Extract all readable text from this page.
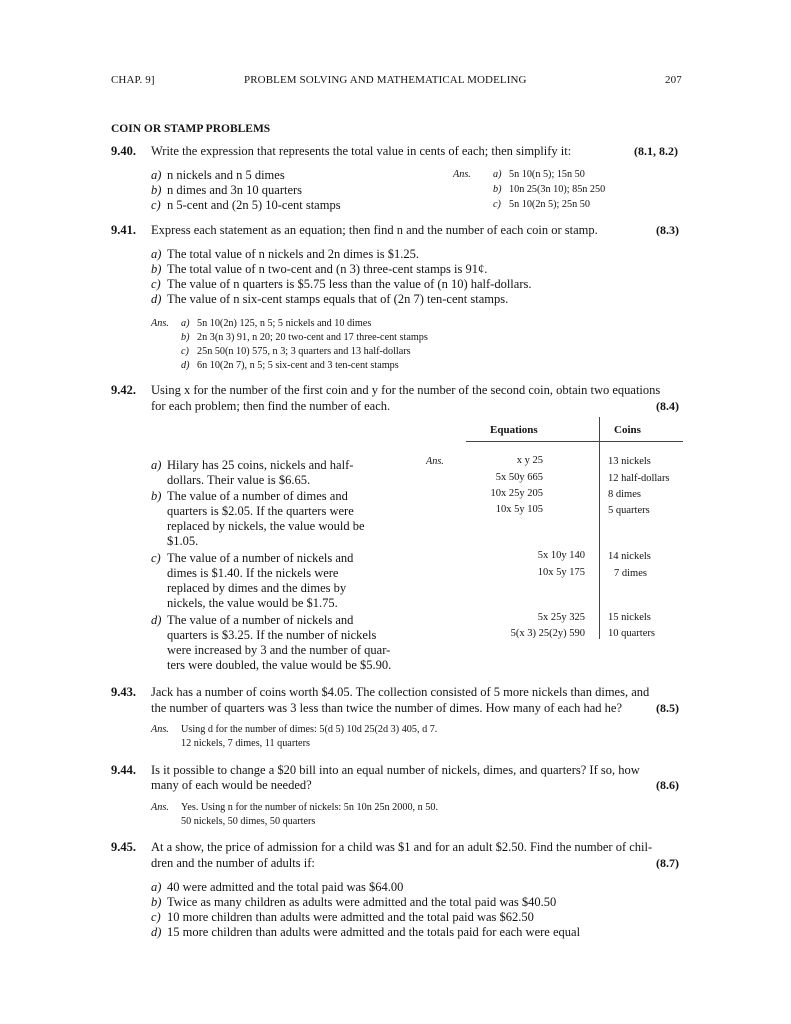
CHAP. 9]	PROBLEM SOLVING AND MATHEMATICAL MODELING	207
COIN OR STAMP PROBLEMS
9.40. Write the expression that represents the total value in cents of each; then simplify it:	(8.1, 8.2)
a) n nickels and n 5 dimes
b) n dimes and 3n 10 quarters
c) n 5-cent and (2n 5) 10-cent stamps
Ans. a) 5n 10(n 5); 15n 50
b) 10n 25(3n 10); 85n 250
c) 5n 10(2n 5); 25n 50
9.41. Express each statement as an equation; then find n and the number of each coin or stamp.	(8.3)
a) The total value of n nickels and 2n dimes is $1.25.
b) The total value of n two-cent and (n 3) three-cent stamps is 91¢.
c) The value of n quarters is $5.75 less than the value of (n 10) half-dollars.
d) The value of n six-cent stamps equals that of (2n 7) ten-cent stamps.
Ans. a) 5n 10(2n) 125, n 5; 5 nickels and 10 dimes
b) 2n 3(n 3) 91, n 20; 20 two-cent and 17 three-cent stamps
c) 25n 50(n 10) 575, n 3; 3 quarters and 13 half-dollars
d) 6n 10(2n 7), n 5; 5 six-cent and 3 ten-cent stamps
9.42. Using x for the number of the first coin and y for the number of the second coin, obtain two equations
for each problem; then find the number of each.	(8.4)
Equations	Coins
a) Hilary has 25 coins, nickels and half-
dollars. Their value is $6.65.
Ans.	x y 25
5x 50y 665
13 nickels
12 half-dollars
b) The value of a number of dimes and
quarters is $2.05. If the quarters were
replaced by nickels, the value would be
$1.05.
10x 25y 205
10x 5y 105
8 dimes
5 quarters
c) The value of a number of nickels and
dimes is $1.40. If the nickels were
replaced by dimes and the dimes by
nickels, the value would be $1.75.
5x 10y 140
10x 5y 175
14 nickels
7 dimes
d) The value of a number of nickels and
quarters is $3.25. If the number of nickels
were increased by 3 and the number of quar-
ters were doubled, the value would be $5.90.
5x 25y 325
5(x 3) 25(2y) 590
15 nickels
10 quarters
9.43. Jack has a number of coins worth $4.05. The collection consisted of 5 more nickels than dimes, and
the number of quarters was 3 less than twice the number of dimes. How many of each had he?	(8.5)
Ans. Using d for the number of dimes: 5(d 5) 10d 25(2d 3) 405, d 7.
12 nickels, 7 dimes, 11 quarters
9.44. Is it possible to change a $20 bill into an equal number of nickels, dimes, and quarters? If so, how
many of each would be needed?	(8.6)
Ans. Yes. Using n for the number of nickels: 5n 10n 25n 2000, n 50.
50 nickels, 50 dimes, 50 quarters
9.45. At a show, the price of admission for a child was $1 and for an adult $2.50. Find the number of chil-
dren and the number of adults if:	(8.7)
a) 40 were admitted and the total paid was $64.00
b) Twice as many children as adults were admitted and the total paid was $40.50
c) 10 more children than adults were admitted and the total paid was $62.50
d) 15 more children than adults were admitted and the totals paid for each were equal
